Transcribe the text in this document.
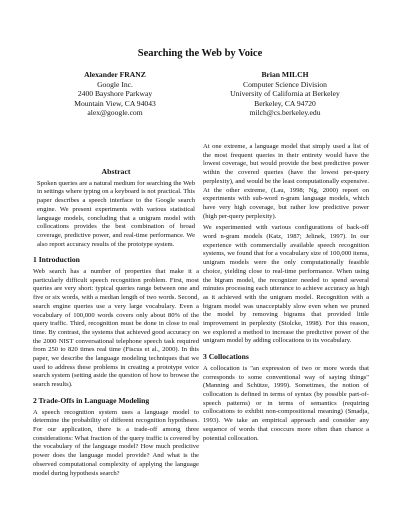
Searching the Web by Voice
Alexander FRANZ
Google Inc.
2400 Bayshore Parkway
Mountain View, CA 94043
alex@google.com
Brian MILCH
Computer Science Division
University of California at Berkeley
Berkeley, CA 94720
milch@cs.berkeley.edu
Abstract

Spoken queries are a natural medium for searching the Web in settings where typing on a keyboard is not practical. This paper describes a speech interface to the Google search engine. We present experiments with various statistical language models, concluding that a unigram model with collocations provides the best combination of broad coverage, predictive power, and real-time performance. We also report accuracy results of the prototype system.

1 Introduction

Web search has a number of properties that make it a particularly difficult speech recognition problem. First, most queries are very short: typical queries range between one and five or six words, with a median length of two words. Second, search engine queries use a very large vocabulary. Even a vocabulary of 100,000 words covers only about 80% of the query traffic. Third, recognition must be done in close to real time. By contrast, the systems that achieved good accuracy on the 2000 NIST conversational telephone speech task required from 250 to 820 times real time (Fiscus et al., 2000). In this paper, we describe the language modeling techniques that we used to address these problems in creating a prototype voice search system (setting aside the question of how to browse the search results).

2 Trade-Offs in Language Modeling

A speech recognition system uses a language model to determine the probability of different recognition hypotheses. For our application, there is a trade-off among three considerations: What fraction of the query traffic is covered by the vocabulary of the language model? How much predictive power does the language model provide? And what is the observed computational complexity of applying the language model during hypothesis search?

At one extreme, a language model that simply used a list of the most frequent queries in their entirety would have the lowest coverage, but would provide the best predictive power within the covered queries (have the lowest per-query perplexity), and would be the least computationally expensive. At the other extreme, (Lau, 1998; Ng, 2000) report on experiments with sub-word n-gram language models, which have very high coverage, but rather low predictive power (high per-query perplexity).

We experimented with various configurations of back-off word n-gram models (Katz, 1987; Jelinek, 1997). In our experience with commercially available speech recognition systems, we found that for a vocabulary size of 100,000 items, unigram models were the only computationally feasible choice, yielding close to real-time performance. When using the bigram model, the recognizer needed to spend several minutes processing each utterance to achieve accuracy as high as it achieved with the unigram model. Recognition with a bigram model was unacceptably slow even when we pruned the model by removing bigrams that provided little improvement in perplexity (Stolcke, 1998). For this reason, we explored a method to increase the predictive power of the unigram model by adding collocations to its vocabulary.

3 Collocations

A collocation is "an expression of two or more words that corresponds to some conventional way of saying things" (Manning and Schütze, 1999). Sometimes, the notion of collocation is defined in terms of syntax (by possible part-of-speech patterns) or in terms of semantics (requiring collocations to exhibit non-compositional meaning) (Smadja, 1993). We take an empirical approach and consider any sequence of words that cooccurs more often than chance a potential collocation.
